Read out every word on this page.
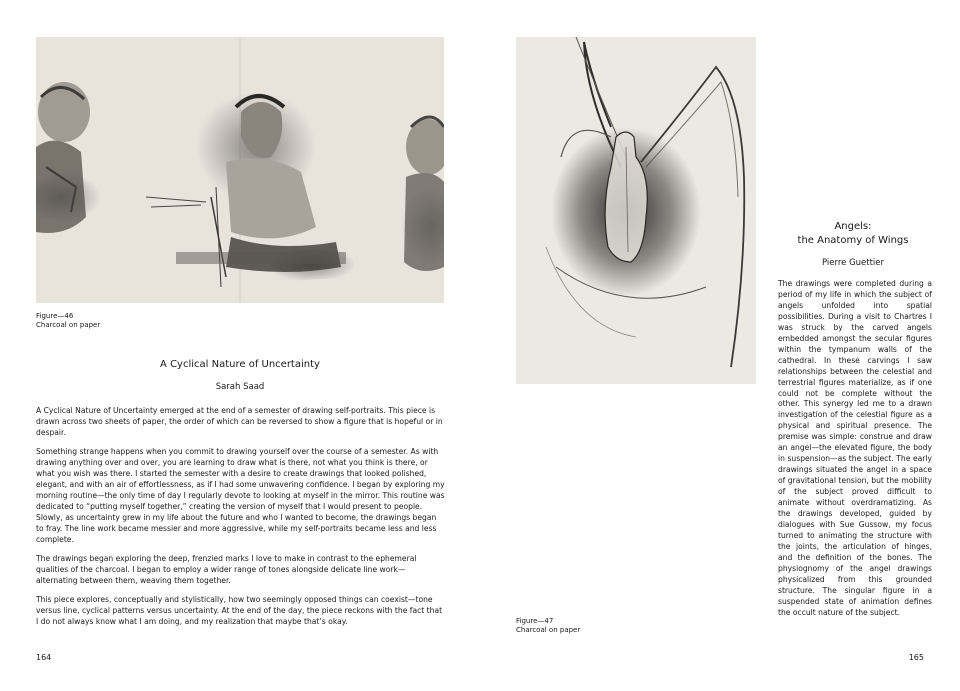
Figure—46
Charcoal on paper
A Cyclical Nature of Uncertainty
Sarah Saad

A Cyclical Nature of Uncertainty emerged at the end of a semester of drawing self-portraits. This piece is drawn across two sheets of paper, the order of which can be reversed to show a figure that is hopeful or in despair.

Something strange happens when you commit to drawing yourself over the course of a semester. As with drawing anything over and over, you are learning to draw what is there, not what you think is there, or what you wish was there. I started the semester with a desire to create drawings that looked polished, elegant, and with an air of effortlessness, as if I had some unwavering confidence. I began by exploring my morning routine—the only time of day I regularly devote to looking at myself in the mirror. This routine was dedicated to “putting myself together,” creating the version of myself that I would present to people. Slowly, as uncertainty grew in my life about the future and who I wanted to become, the drawings began to fray. The line work became messier and more aggressive, while my self-portraits became less and less complete.

The drawings began exploring the deep, frenzied marks I love to make in contrast to the ephemeral qualities of the charcoal. I began to employ a wider range of tones alongside delicate line work—alternating between them, weaving them together.

This piece explores, conceptually and stylistically, how two seemingly opposed things can coexist—tone versus line, cyclical patterns versus uncertainty. At the end of the day, the piece reckons with the fact that I do not always know what I am doing, and my realization that maybe that’s okay.

164
Figure—47
Charcoal on paper
Angels:
the Anatomy of Wings
Pierre Guettier

The drawings were completed during a period of my life in which the subject of angels unfolded into spatial possibilities. During a visit to Chartres I was struck by the carved angels embedded amongst the secular figures within the tympanum walls of the cathedral. In these carvings I saw relationships between the celestial and terrestrial figures materialize, as if one could not be complete without the other. This synergy led me to a drawn investigation of the celestial figure as a physical and spiritual presence. The premise was simple: construe and draw an angel—the elevated figure, the body in suspension—as the subject. The early drawings situated the angel in a space of gravitational tension, but the mobility of the subject proved difficult to animate without overdramatizing. As the drawings developed, guided by dialogues with Sue Gussow, my focus turned to animating the structure with the joints, the articulation of hinges, and the definition of the bones. The physiognomy of the angel drawings physicalized from this grounded structure. The singular figure in a suspended state of animation defines the occult nature of the subject.

165
